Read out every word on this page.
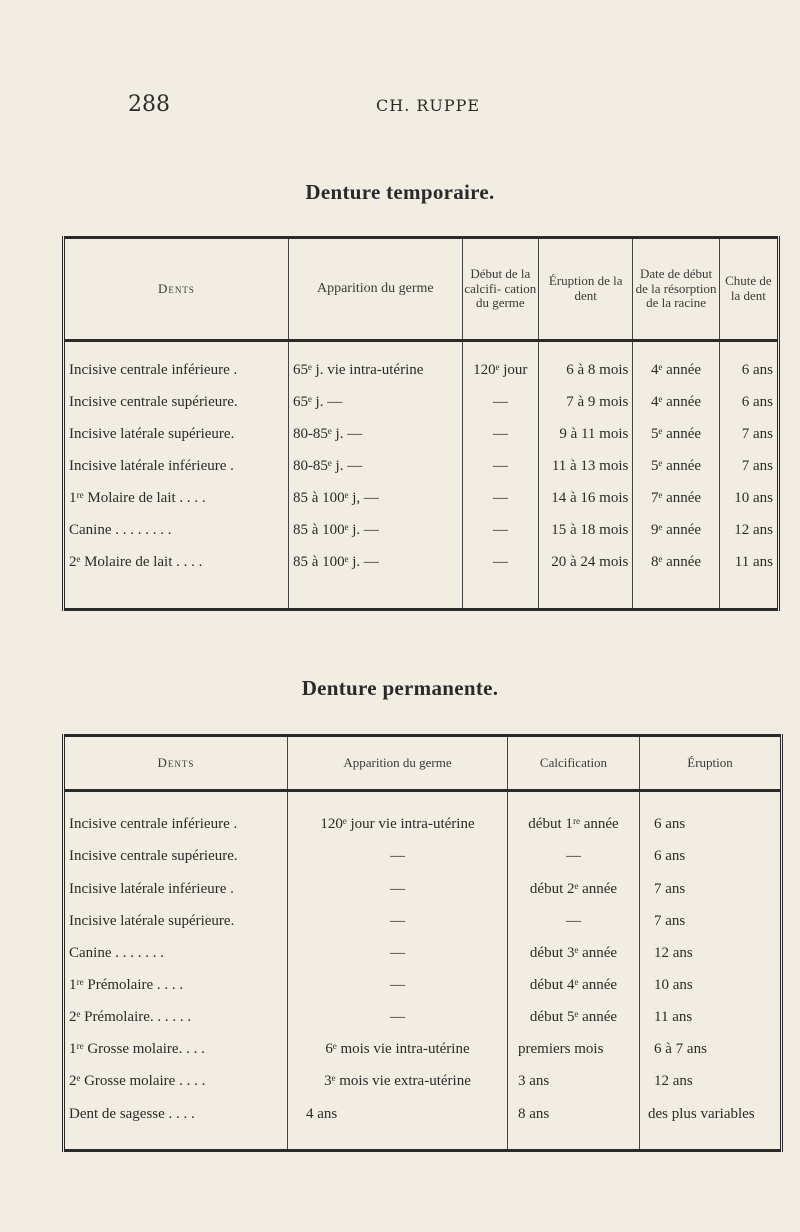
288	CH. RUPPE
Denture temporaire.
Dents	Apparition du germe	Début de la calcifi- cation du germe	Éruption de la dent	Date de début de la résorption de la racine	Chute de la dent

Incisive centrale inférieure .	65ᵉ j. vie intra-utérine	120ᵉ jour	6 à 8 mois	4ᵉ année	6 ans
Incisive centrale supérieure.	65ᵉ j. —	—	7 à 9 mois	4ᵉ année	6 ans
Incisive latérale supérieure.	80-85ᵉ j. —	—	9 à 11 mois	5ᵉ année	7 ans
Incisive latérale inférieure .	80-85ᵉ j. —	—	11 à 13 mois	5ᵉ année	7 ans
1ʳᵉ Molaire de lait . . . .	85 à 100ᵉ j, —	—	14 à 16 mois	7ᵉ année	10 ans
Canine . . . . . . . .	85 à 100ᵉ j. —	—	15 à 18 mois	9ᵉ année	12 ans
2ᵉ Molaire de lait . . . .	85 à 100ᵉ j. —	—	20 à 24 mois	8ᵉ année	11 ans

Denture permanente.
Dents	Apparition du germe	Calcification	Éruption

Incisive centrale inférieure .	120ᵉ jour vie intra-utérine	début 1ʳᵉ année	6 ans
Incisive centrale supérieure.	—	—	6 ans
Incisive latérale inférieure .	—	début 2ᵉ année	7 ans
Incisive latérale supérieure.	—	—	7 ans
Canine . . . . . . .	—	début 3ᵉ année	12 ans
1ʳᵉ Prémolaire . . . .	—	début 4ᵉ année	10 ans
2ᵉ Prémolaire. . . . . .	—	début 5ᵉ année	11 ans
1ʳᵉ Grosse molaire. . . .	6ᵉ mois vie intra-utérine	premiers mois	6 à 7 ans
2ᵉ Grosse molaire . . . .	3ᵉ mois vie extra-utérine	3 ans	12 ans
Dent de sagesse . . . .	4 ans	8 ans	des plus variables
